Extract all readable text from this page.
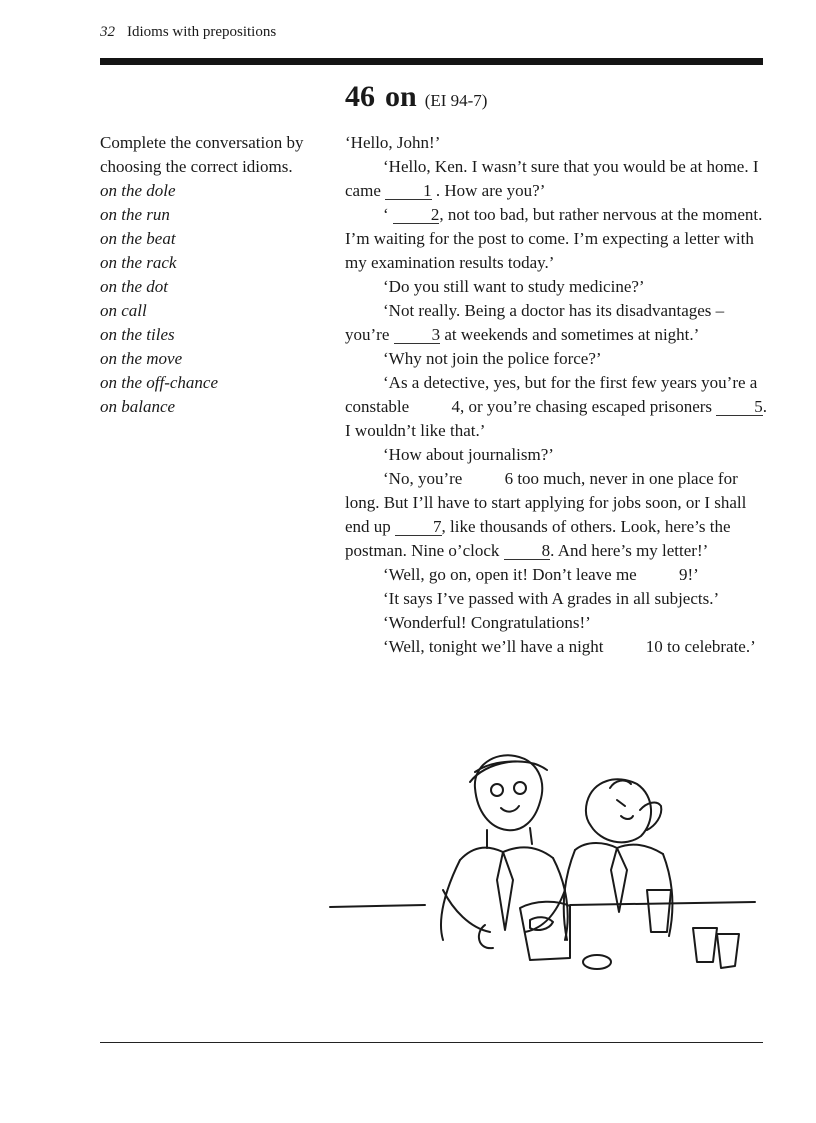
32 Idioms with prepositions
46 on (EI 94-7)
Complete the conversation by
choosing the correct idioms.
on the dole
on the run
on the beat
on the rack
on the dot
on call
on the tiles
on the move
on the off-chance
on balance

‘Hello, John!’

‘Hello, Ken. I wasn’t sure that you would be at home. I came 1 . How are you?’

‘ 2, not too bad, but rather nervous at the moment. I’m waiting for the post to come. I’m expecting a letter with my examination results today.’

‘Do you still want to study medicine?’

‘Not really. Being a doctor has its disadvantages – you’re 3 at weekends and sometimes at night.’

‘Why not join the police force?’

‘As a detective, yes, but for the first few years you’re a constable 4, or you’re chasing escaped prisoners 5. I wouldn’t like that.’

‘How about journalism?’

‘No, you’re 6 too much, never in one place for long. But I’ll have to start applying for jobs soon, or I shall end up 7, like thousands of others. Look, here’s the postman. Nine o’clock 8. And here’s my letter!’

‘Well, go on, open it! Don’t leave me 9!’

‘It says I’ve passed with A grades in all subjects.’

‘Wonderful! Congratulations!’

‘Well, tonight we’ll have a night 10 to celebrate.’
